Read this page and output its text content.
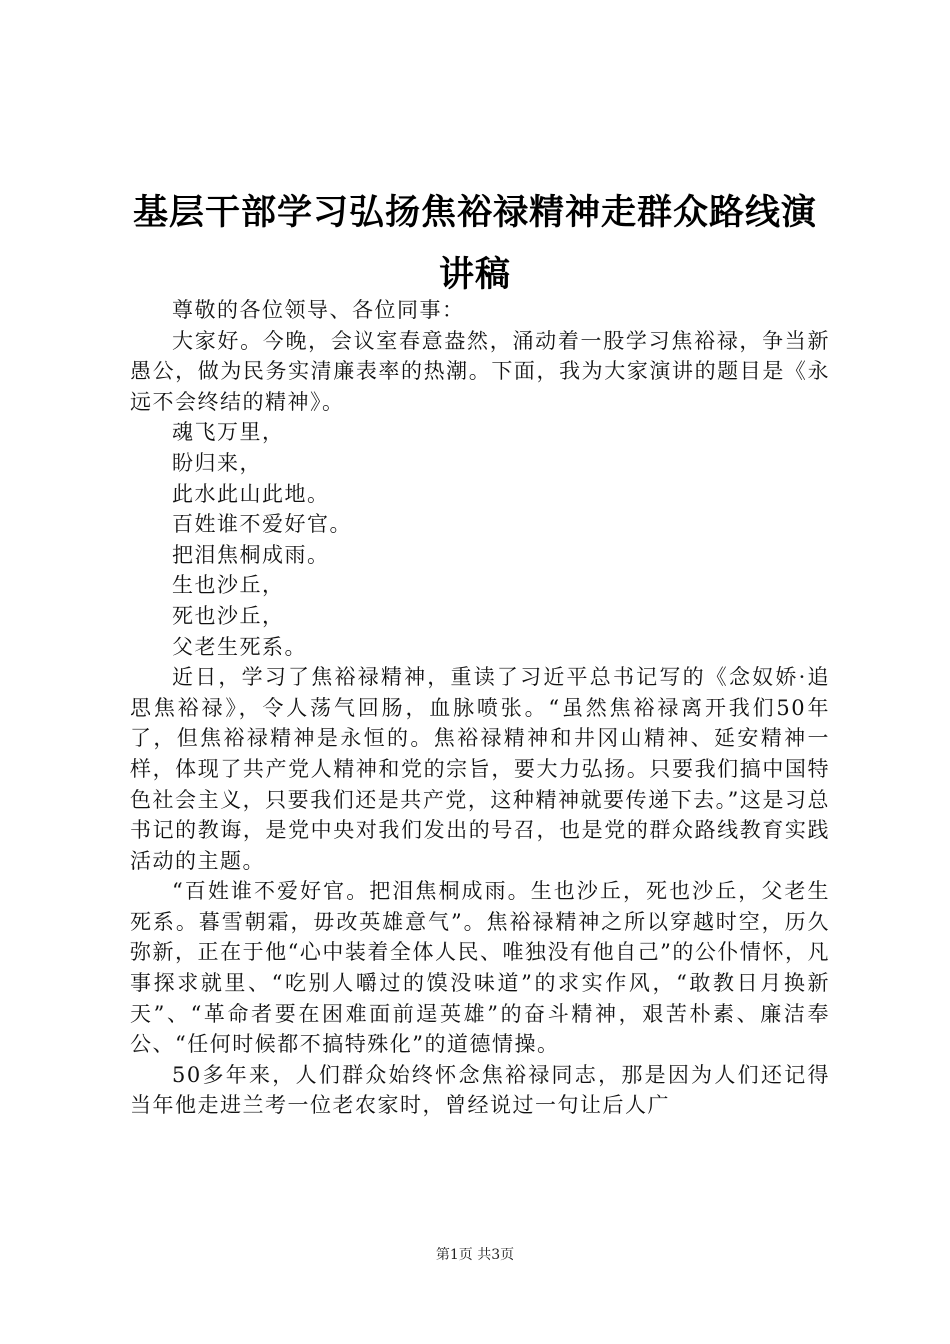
基层干部学习弘扬焦裕禄精神走群众路线演讲稿

尊敬的各位领导、各位同事：

大家好。今晚，会议室春意盎然，涌动着一股学习焦裕禄，争当新愚公，做为民务实清廉表率的热潮。下面，我为大家演讲的题目是《永远不会终结的精神》。

魂飞万里，

盼归来，

此水此山此地。

百姓谁不爱好官。

把泪焦桐成雨。

生也沙丘，

死也沙丘，

父老生死系。

近日，学习了焦裕禄精神，重读了习近平总书记写的《念奴娇·追思焦裕禄》，令人荡气回肠，血脉喷张。“虽然焦裕禄离开我们50年了，但焦裕禄精神是永恒的。焦裕禄精神和井冈山精神、延安精神一样，体现了共产党人精神和党的宗旨，要大力弘扬。只要我们搞中国特色社会主义，只要我们还是共产党，这种精神就要传递下去。”这是习总书记的教诲，是党中央对我们发出的号召，也是党的群众路线教育实践活动的主题。

“百姓谁不爱好官。把泪焦桐成雨。生也沙丘，死也沙丘，父老生死系。暮雪朝霜，毋改英雄意气”。焦裕禄精神之所以穿越时空，历久弥新，正在于他“心中装着全体人民、唯独没有他自己”的公仆情怀，凡事探求就里、“吃别人嚼过的馍没味道”的求实作风，“敢教日月换新天”、“革命者要在困难面前逞英雄”的奋斗精神，艰苦朴素、廉洁奉公、“任何时候都不搞特殊化”的道德情操。

50多年来，人们群众始终怀念焦裕禄同志，那是因为人们还记得当年他走进兰考一位老农家时，曾经说过一句让后人广

第1页 共3页
